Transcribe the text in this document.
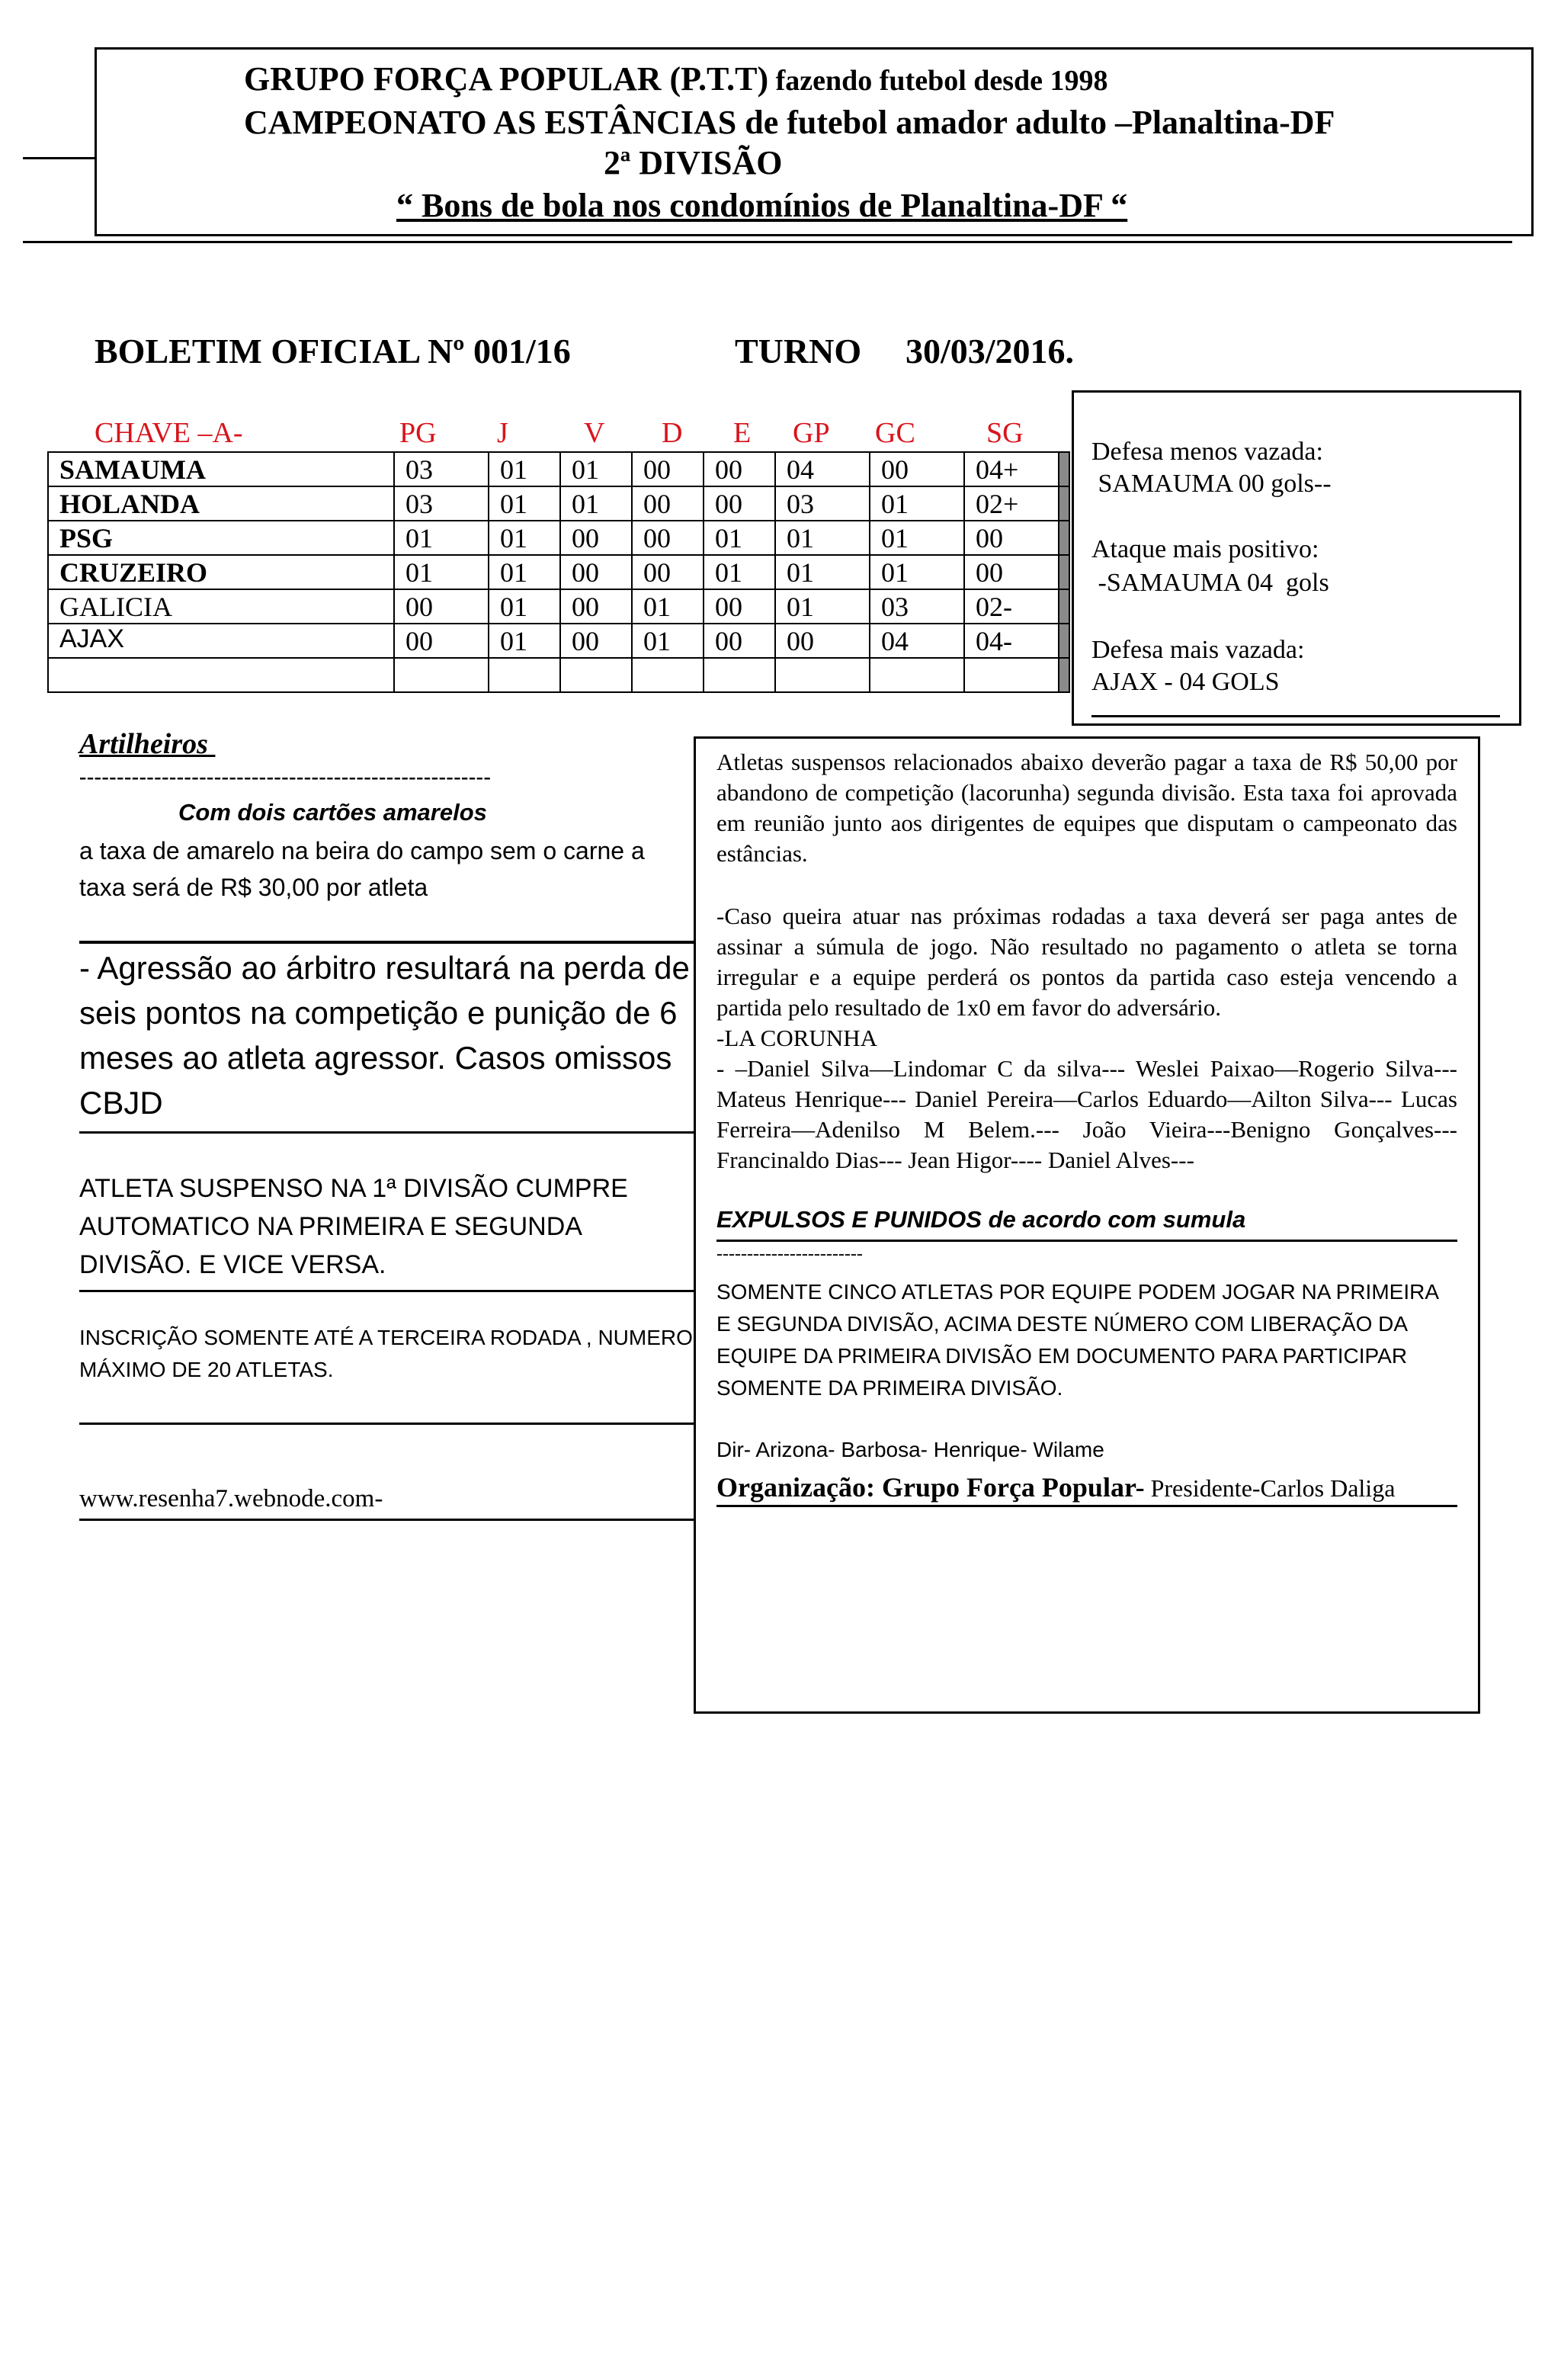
GRUPO FORÇA POPULAR (P.T.T) fazendo futebol desde 1998
CAMPEONATO AS ESTÂNCIAS de futebol amador adulto –Planaltina-DF
2ª DIVISÃO
“ Bons de bola nos condomínios de Planaltina-DF “
BOLETIM OFICIAL Nº 001/16	TURNO 30/03/2016.
CHAVE –A-	PG J	V D E GP GC SG
SAMAUMA	03	01	01	00	00	04	00	04+	
HOLANDA	03	01	01	00	00	03	01	02+	
PSG	01	01	00	00	01	01	01	00	
CRUZEIRO	01	01	00	00	01	01	01	00	
GALICIA	00	01	00	01	00	01	03	02-	
AJAX	00	01	00	01	00	00	04	04-	

Defesa menos vazada:
SAMAUMA 00 gols--
Ataque mais positivo:
-SAMAUMA 04  gols
Defesa mais vazada:
AJAX - 04 GOLS
Artilheiros
-------------------------------------------------------
Com dois cartões amarelos
a taxa de amarelo na beira do campo sem o carne a taxa será de R$ 30,00 por atleta
- Agressão ao árbitro resultará na perda de seis pontos na competição e punição de 6 meses ao atleta agressor. Casos omissos CBJD
ATLETA SUSPENSO NA 1ª DIVISÃO CUMPRE AUTOMATICO NA PRIMEIRA E SEGUNDA DIVISÃO. E VICE VERSA.
INSCRIÇÃO SOMENTE ATÉ A TERCEIRA RODADA , NUMERO MÁXIMO DE 20 ATLETAS.
www.resenha7.webnode.com-

Atletas suspensos relacionados abaixo deverão pagar a taxa de R$ 50,00 por abandono de competição (lacorunha) segunda divisão. Esta taxa foi aprovada em reunião junto aos dirigentes de equipes que disputam o campeonato das estâncias.

-Caso queira atuar nas próximas rodadas a taxa deverá ser paga antes de assinar a súmula de jogo. Não resultado no pagamento o atleta se torna irregular e a equipe perderá os pontos da partida caso esteja vencendo a partida pelo resultado de 1x0 em favor do adversário.

-LA CORUNHA

- –Daniel Silva—Lindomar C da silva--- Weslei Paixao—Rogerio Silva---Mateus Henrique--- Daniel Pereira—Carlos Eduardo—Ailton Silva--- Lucas Ferreira—Adenilso M Belem.--- João Vieira---Benigno Gonçalves--- Francinaldo Dias--- Jean Higor---- Daniel Alves---

EXPULSOS E PUNIDOS de acordo com sumula
------------------------
SOMENTE CINCO ATLETAS POR EQUIPE PODEM JOGAR NA PRIMEIRA E SEGUNDA DIVISÃO, ACIMA DESTE NÚMERO COM LIBERAÇÃO DA EQUIPE DA PRIMEIRA DIVISÃO EM DOCUMENTO PARA PARTICIPAR SOMENTE DA PRIMEIRA DIVISÃO.
Dir- Arizona- Barbosa- Henrique- Wilame
Organização: Grupo Força Popular- Presidente-Carlos Daliga
